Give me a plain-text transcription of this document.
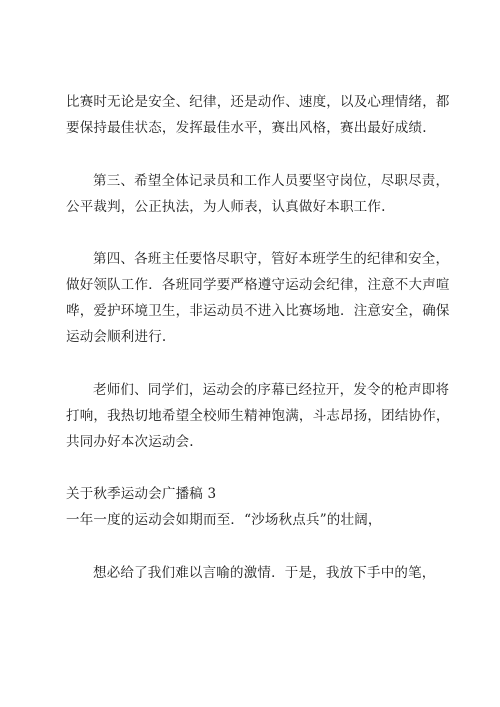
比赛时无论是安全、纪律，还是动作、速度，以及心理情绪，都
要保持最佳状态，发挥最佳水平，赛出风格，赛出最好成绩.
第三、希望全体记录员和工作人员要坚守岗位，尽职尽责，
公平裁判，公正执法，为人师表，认真做好本职工作.
第四、各班主任要恪尽职守，管好本班学生的纪律和安全，
做好领队工作．各班同学要严格遵守运动会纪律，注意不大声喧
哗，爱护环境卫生，非运动员不进入比赛场地．注意安全，确保
运动会顺利进行.
老师们、同学们，运动会的序幕已经拉开，发令的枪声即将
打响，我热切地希望全校师生精神饱满，斗志昂扬，团结协作，
共同办好本次运动会.
关于秋季运动会广播稿 3
一年一度的运动会如期而至．“沙场秋点兵”的壮阔，
想必给了我们难以言喻的激情．于是，我放下手中的笔，
